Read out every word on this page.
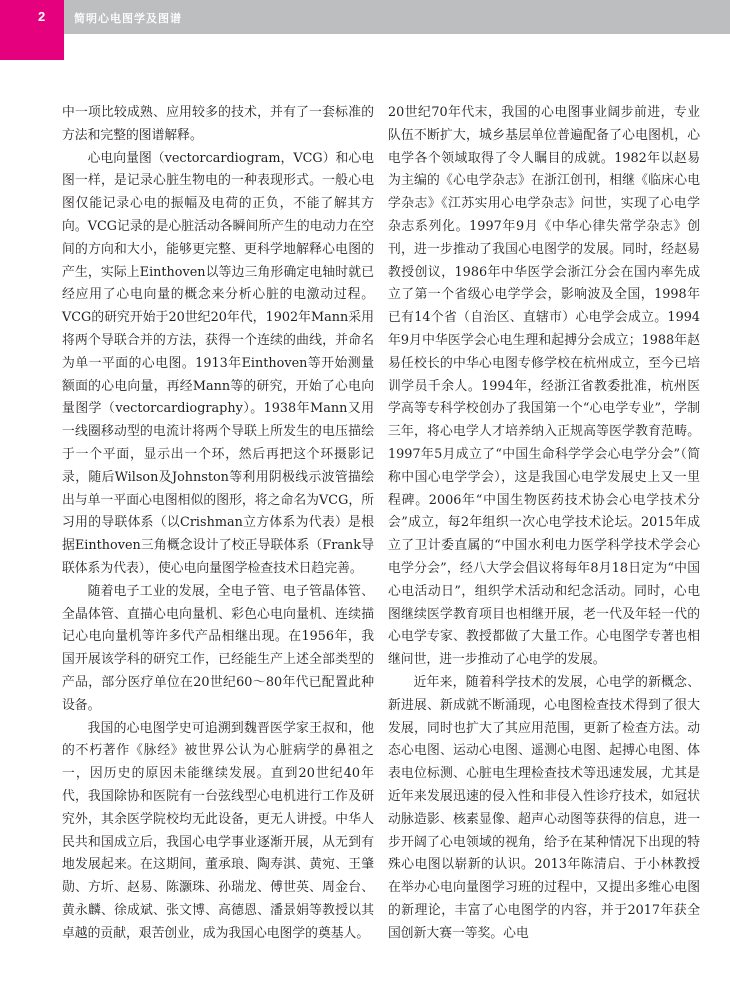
2	简明心电图学及图谱

中一项比较成熟、应用较多的技术，并有了一套标准的方法和完整的图谱解释。

心电向量图（vectorcardiogram，VCG）和心电图一样，是记录心脏生物电的一种表现形式。一般心电图仅能记录心电的振幅及电荷的正负，不能了解其方向。VCG记录的是心脏活动各瞬间所产生的电动力在空间的方向和大小，能够更完整、更科学地解释心电图的产生，实际上Einthoven以等边三角形确定电轴时就已经应用了心电向量的概念来分析心脏的电激动过程。VCG的研究开始于20世纪20年代，1902年Mann采用将两个导联合并的方法，获得一个连续的曲线，并命名为单一平面的心电图。1913年Einthoven等开始测量额面的心电向量，再经Mann等的研究，开始了心电向量图学（vectorcardiography）。1938年Mann又用一线圈移动型的电流计将两个导联上所发生的电压描绘于一个平面，显示出一个环，然后再把这个环摄影记录，随后Wilson及Johnston等利用阴极线示波管描绘出与单一平面心电图相似的图形，将之命名为VCG，所习用的导联体系（以Crishman立方体系为代表）是根据Einthoven三角概念设计了校正导联体系（Frank导联体系为代表），使心电向量图学检查技术日趋完善。

随着电子工业的发展，全电子管、电子管晶体管、全晶体管、直描心电向量机、彩色心电向量机、连续描记心电向量机等许多代产品相继出现。在1956年，我国开展该学科的研究工作，已经能生产上述全部类型的产品，部分医疗单位在20世纪60～80年代已配置此种设备。

我国的心电图学史可追溯到魏晋医学家王叔和，他的不朽著作《脉经》被世界公认为心脏病学的鼻祖之一，因历史的原因未能继续发展。直到20世纪40年代，我国除协和医院有一台弦线型心电机进行工作及研究外，其余医学院校均无此设备，更无人讲授。中华人民共和国成立后，我国心电学事业逐渐开展，从无到有地发展起来。在这期间，董承琅、陶寿淇、黄宛、王肇勋、方圻、赵易、陈灏珠、孙瑞龙、傅世英、周金台、黄永麟、徐成斌、张文博、高德恩、潘景娟等教授以其卓越的贡献，艰苦创业，成为我国心电图学的奠基人。

20世纪70年代末，我国的心电图事业阔步前进，专业队伍不断扩大，城乡基层单位普遍配备了心电图机，心电学各个领域取得了令人瞩目的成就。1982年以赵易为主编的《心电学杂志》在浙江创刊，相继《临床心电学杂志》《江苏实用心电学杂志》问世，实现了心电学杂志系列化。1997年9月《中华心律失常学杂志》创刊，进一步推动了我国心电图学的发展。同时，经赵易教授创议，1986年中华医学会浙江分会在国内率先成立了第一个省级心电学学会，影响波及全国，1998年已有14个省（自治区、直辖市）心电学会成立。1994年9月中华医学会心电生理和起搏分会成立；1988年赵易任校长的中华心电图专修学校在杭州成立，至今已培训学员千余人。1994年，经浙江省教委批准，杭州医学高等专科学校创办了我国第一个“心电学专业”，学制三年，将心电学人才培养纳入正规高等医学教育范畴。1997年5月成立了“中国生命科学学会心电学分会”（简称中国心电学学会），这是我国心电学发展史上又一里程碑。2006年“中国生物医药技术协会心电学技术分会”成立，每2年组织一次心电学技术论坛。2015年成立了卫计委直属的“中国水利电力医学科学技术学会心电学分会”，经八大学会倡议将每年8月18日定为“中国心电活动日”，组织学术活动和纪念活动。同时，心电图继续医学教育项目也相继开展，老一代及年轻一代的心电学专家、教授都做了大量工作。心电图学专著也相继问世，进一步推动了心电学的发展。

近年来，随着科学技术的发展，心电学的新概念、新进展、新成就不断涌现，心电图检查技术得到了很大发展，同时也扩大了其应用范围，更新了检查方法。动态心电图、运动心电图、遥测心电图、起搏心电图、体表电位标测、心脏电生理检查技术等迅速发展，尤其是近年来发展迅速的侵入性和非侵入性诊疗技术，如冠状动脉造影、核素显像、超声心动图等获得的信息，进一步开阔了心电领域的视角，给予在某种情况下出现的特殊心电图以崭新的认识。2013年陈清启、于小林教授在举办心电向量图学习班的过程中，又提出多维心电图的新理论，丰富了心电图学的内容，并于2017年获全国创新大赛一等奖。心电
